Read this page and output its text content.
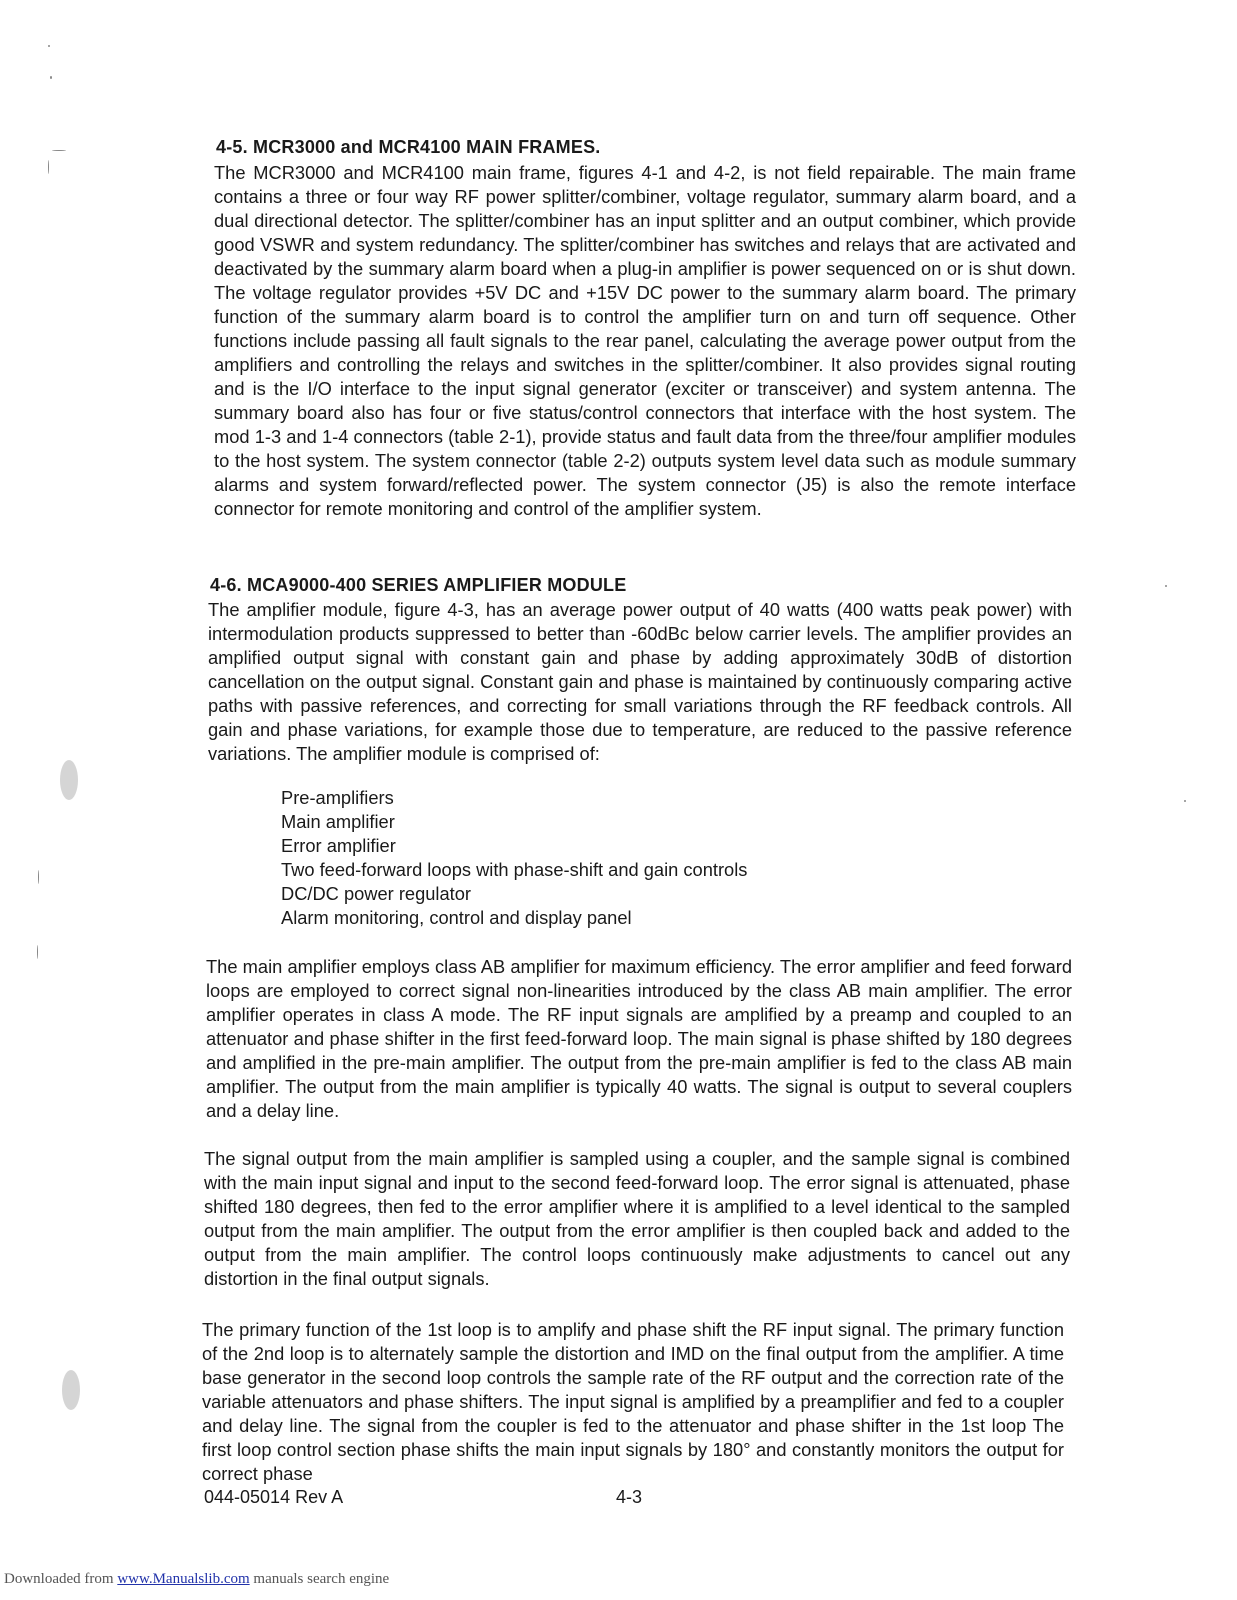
4-5. MCR3000 and MCR4100 MAIN FRAMES.

The MCR3000 and MCR4100 main frame, figures 4-1 and 4-2, is not field repairable. The main frame contains a three or four way RF power splitter/combiner, voltage regulator, summary alarm board, and a dual directional detector. The splitter/combiner has an input splitter and an output combiner, which provide good VSWR and system redundancy. The splitter/combiner has switches and relays that are activated and deactivated by the summary alarm board when a plug-in amplifier is power sequenced on or is shut down. The voltage regulator provides +5V DC and +15V DC power to the summary alarm board. The primary function of the summary alarm board is to control the amplifier turn on and turn off sequence. Other functions include passing all fault signals to the rear panel, calculating the average power output from the amplifiers and controlling the relays and switches in the splitter/combiner. It also provides signal routing and is the I/O interface to the input signal generator (exciter or transceiver) and system antenna. The summary board also has four or five status/control connectors that interface with the host system. The mod 1-3 and 1-4 connectors (table 2-1), provide status and fault data from the three/four amplifier modules to the host system. The system connector (table 2-2) outputs system level data such as module summary alarms and system forward/reflected power. The system connector (J5) is also the remote interface connector for remote monitoring and control of the amplifier system.

4-6. MCA9000-400 SERIES AMPLIFIER MODULE

The amplifier module, figure 4-3, has an average power output of 40 watts (400 watts peak power) with intermodulation products suppressed to better than -60dBc below carrier levels. The amplifier provides an amplified output signal with constant gain and phase by adding approximately 30dB of distortion cancellation on the output signal. Constant gain and phase is maintained by continuously comparing active paths with passive references, and correcting for small variations through the RF feedback controls. All gain and phase variations, for example those due to temperature, are reduced to the passive reference variations. The amplifier module is comprised of:

Pre-amplifiers
Main amplifier
Error amplifier
Two feed-forward loops with phase-shift and gain controls
DC/DC power regulator
Alarm monitoring, control and display panel

The main amplifier employs class AB amplifier for maximum efficiency. The error amplifier and feed forward loops are employed to correct signal non-linearities introduced by the class AB main amplifier. The error amplifier operates in class A mode. The RF input signals are amplified by a preamp and coupled to an attenuator and phase shifter in the first feed-forward loop. The main signal is phase shifted by 180 degrees and amplified in the pre-main amplifier. The output from the pre-main amplifier is fed to the class AB main amplifier. The output from the main amplifier is typically 40 watts. The signal is output to several couplers and a delay line.

The signal output from the main amplifier is sampled using a coupler, and the sample signal is combined with the main input signal and input to the second feed-forward loop. The error signal is attenuated, phase shifted 180 degrees, then fed to the error amplifier where it is amplified to a level identical to the sampled output from the main amplifier. The output from the error amplifier is then coupled back and added to the output from the main amplifier. The control loops continuously make adjustments to cancel out any distortion in the final output signals.

The primary function of the 1st loop is to amplify and phase shift the RF input signal. The primary function of the 2nd loop is to alternately sample the distortion and IMD on the final output from the amplifier. A time base generator in the second loop controls the sample rate of the RF output and the correction rate of the variable attenuators and phase shifters. The input signal is amplified by a preamplifier and fed to a coupler and delay line. The signal from the coupler is fed to the attenuator and phase shifter in the 1st loop The first loop control section phase shifts the main input signals by 180° and constantly monitors the output for correct phase

044-05014 Rev A	4-3
Downloaded from www.Manualslib.com manuals search engine
